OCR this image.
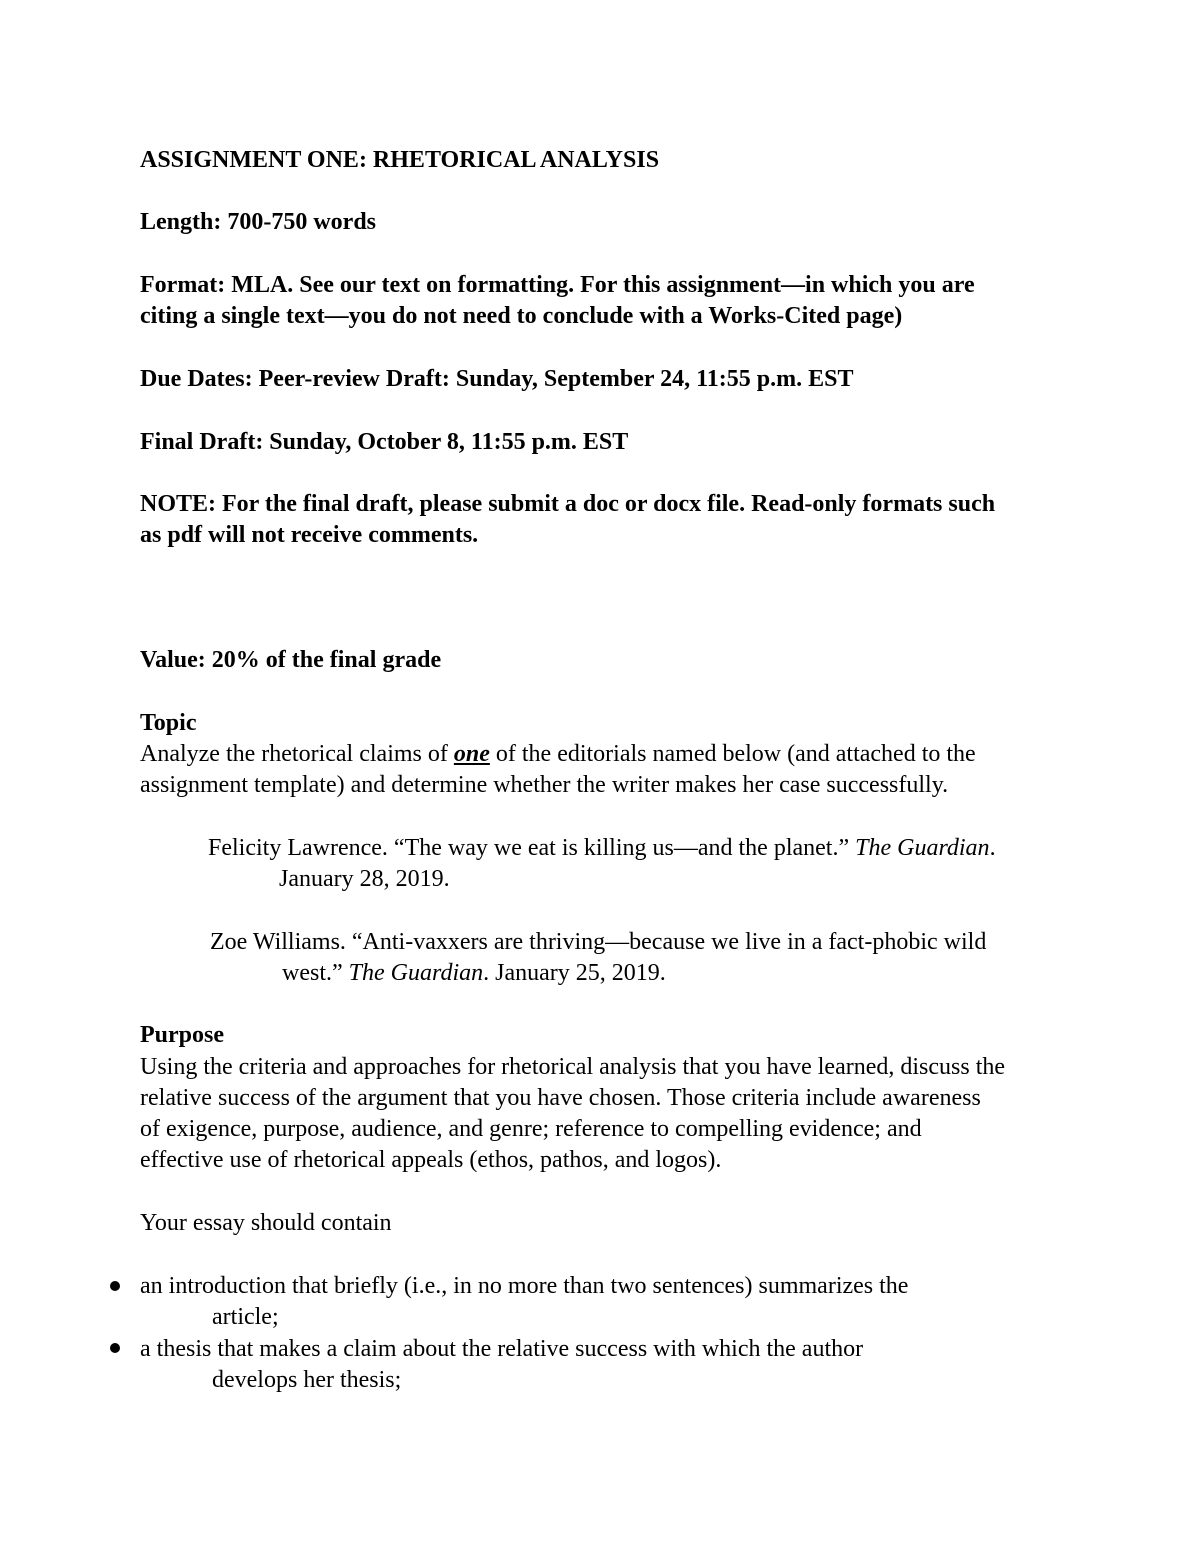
ASSIGNMENT ONE: RHETORICAL ANALYSIS

Length: 700-750 words

Format: MLA. See our text on formatting. For this assignment—in which you are

citing a single text—you do not need to conclude with a Works-Cited page)

Due Dates: Peer-review Draft: Sunday, September 24, 11:55 p.m. EST

Final Draft: Sunday, October 8, 11:55 p.m. EST

NOTE: For the final draft, please submit a doc or docx file. Read-only formats such

as pdf will not receive comments.

Value: 20% of the final grade

Topic

Analyze the rhetorical claims of one of the editorials named below (and attached to the

assignment template) and determine whether the writer makes her case successfully.

Felicity Lawrence. “The way we eat is killing us—and the planet.” The Guardian.

January 28, 2019.

Zoe Williams. “Anti-vaxxers are thriving—because we live in a fact-phobic wild

west.” The Guardian. January 25, 2019.

Purpose

Using the criteria and approaches for rhetorical analysis that you have learned, discuss the

relative success of the argument that you have chosen. Those criteria include awareness

of exigence, purpose, audience, and genre; reference to compelling evidence; and

effective use of rhetorical appeals (ethos, pathos, and logos).

Your essay should contain

an introduction that briefly (i.e., in no more than two sentences) summarizes the

article;

a thesis that makes a claim about the relative success with which the author

develops her thesis;
